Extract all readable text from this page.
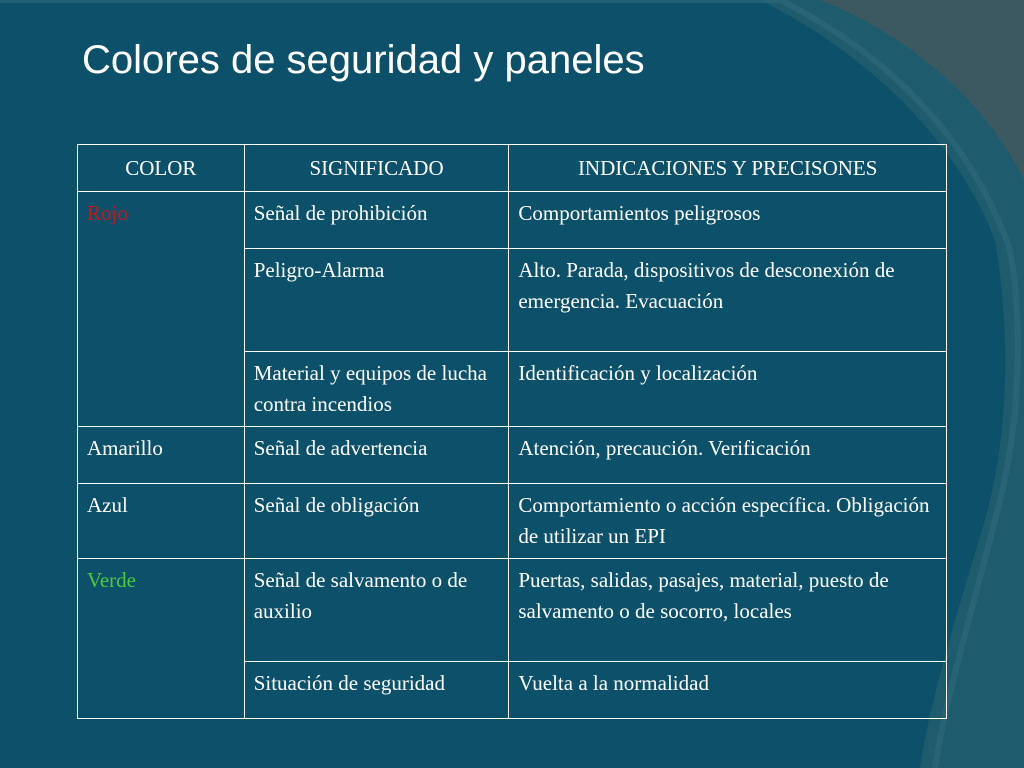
Colores de seguridad y paneles
COLOR	SIGNIFICADO	INDICACIONES Y PRECISONES
Rojo	Señal de prohibición	Comportamientos peligrosos
	Peligro-Alarma	Alto. Parada, dispositivos de desconexión de emergencia. Evacuación
	Material y equipos de lucha contra incendios	Identificación y localización
Amarillo	Señal de advertencia	Atención, precaución. Verificación
Azul	Señal de obligación	Comportamiento o acción específica. Obligación de utilizar un EPI
Verde	Señal de salvamento o de auxilio	Puertas, salidas, pasajes, material, puesto de salvamento o de socorro, locales
	Situación de seguridad	Vuelta a la normalidad
